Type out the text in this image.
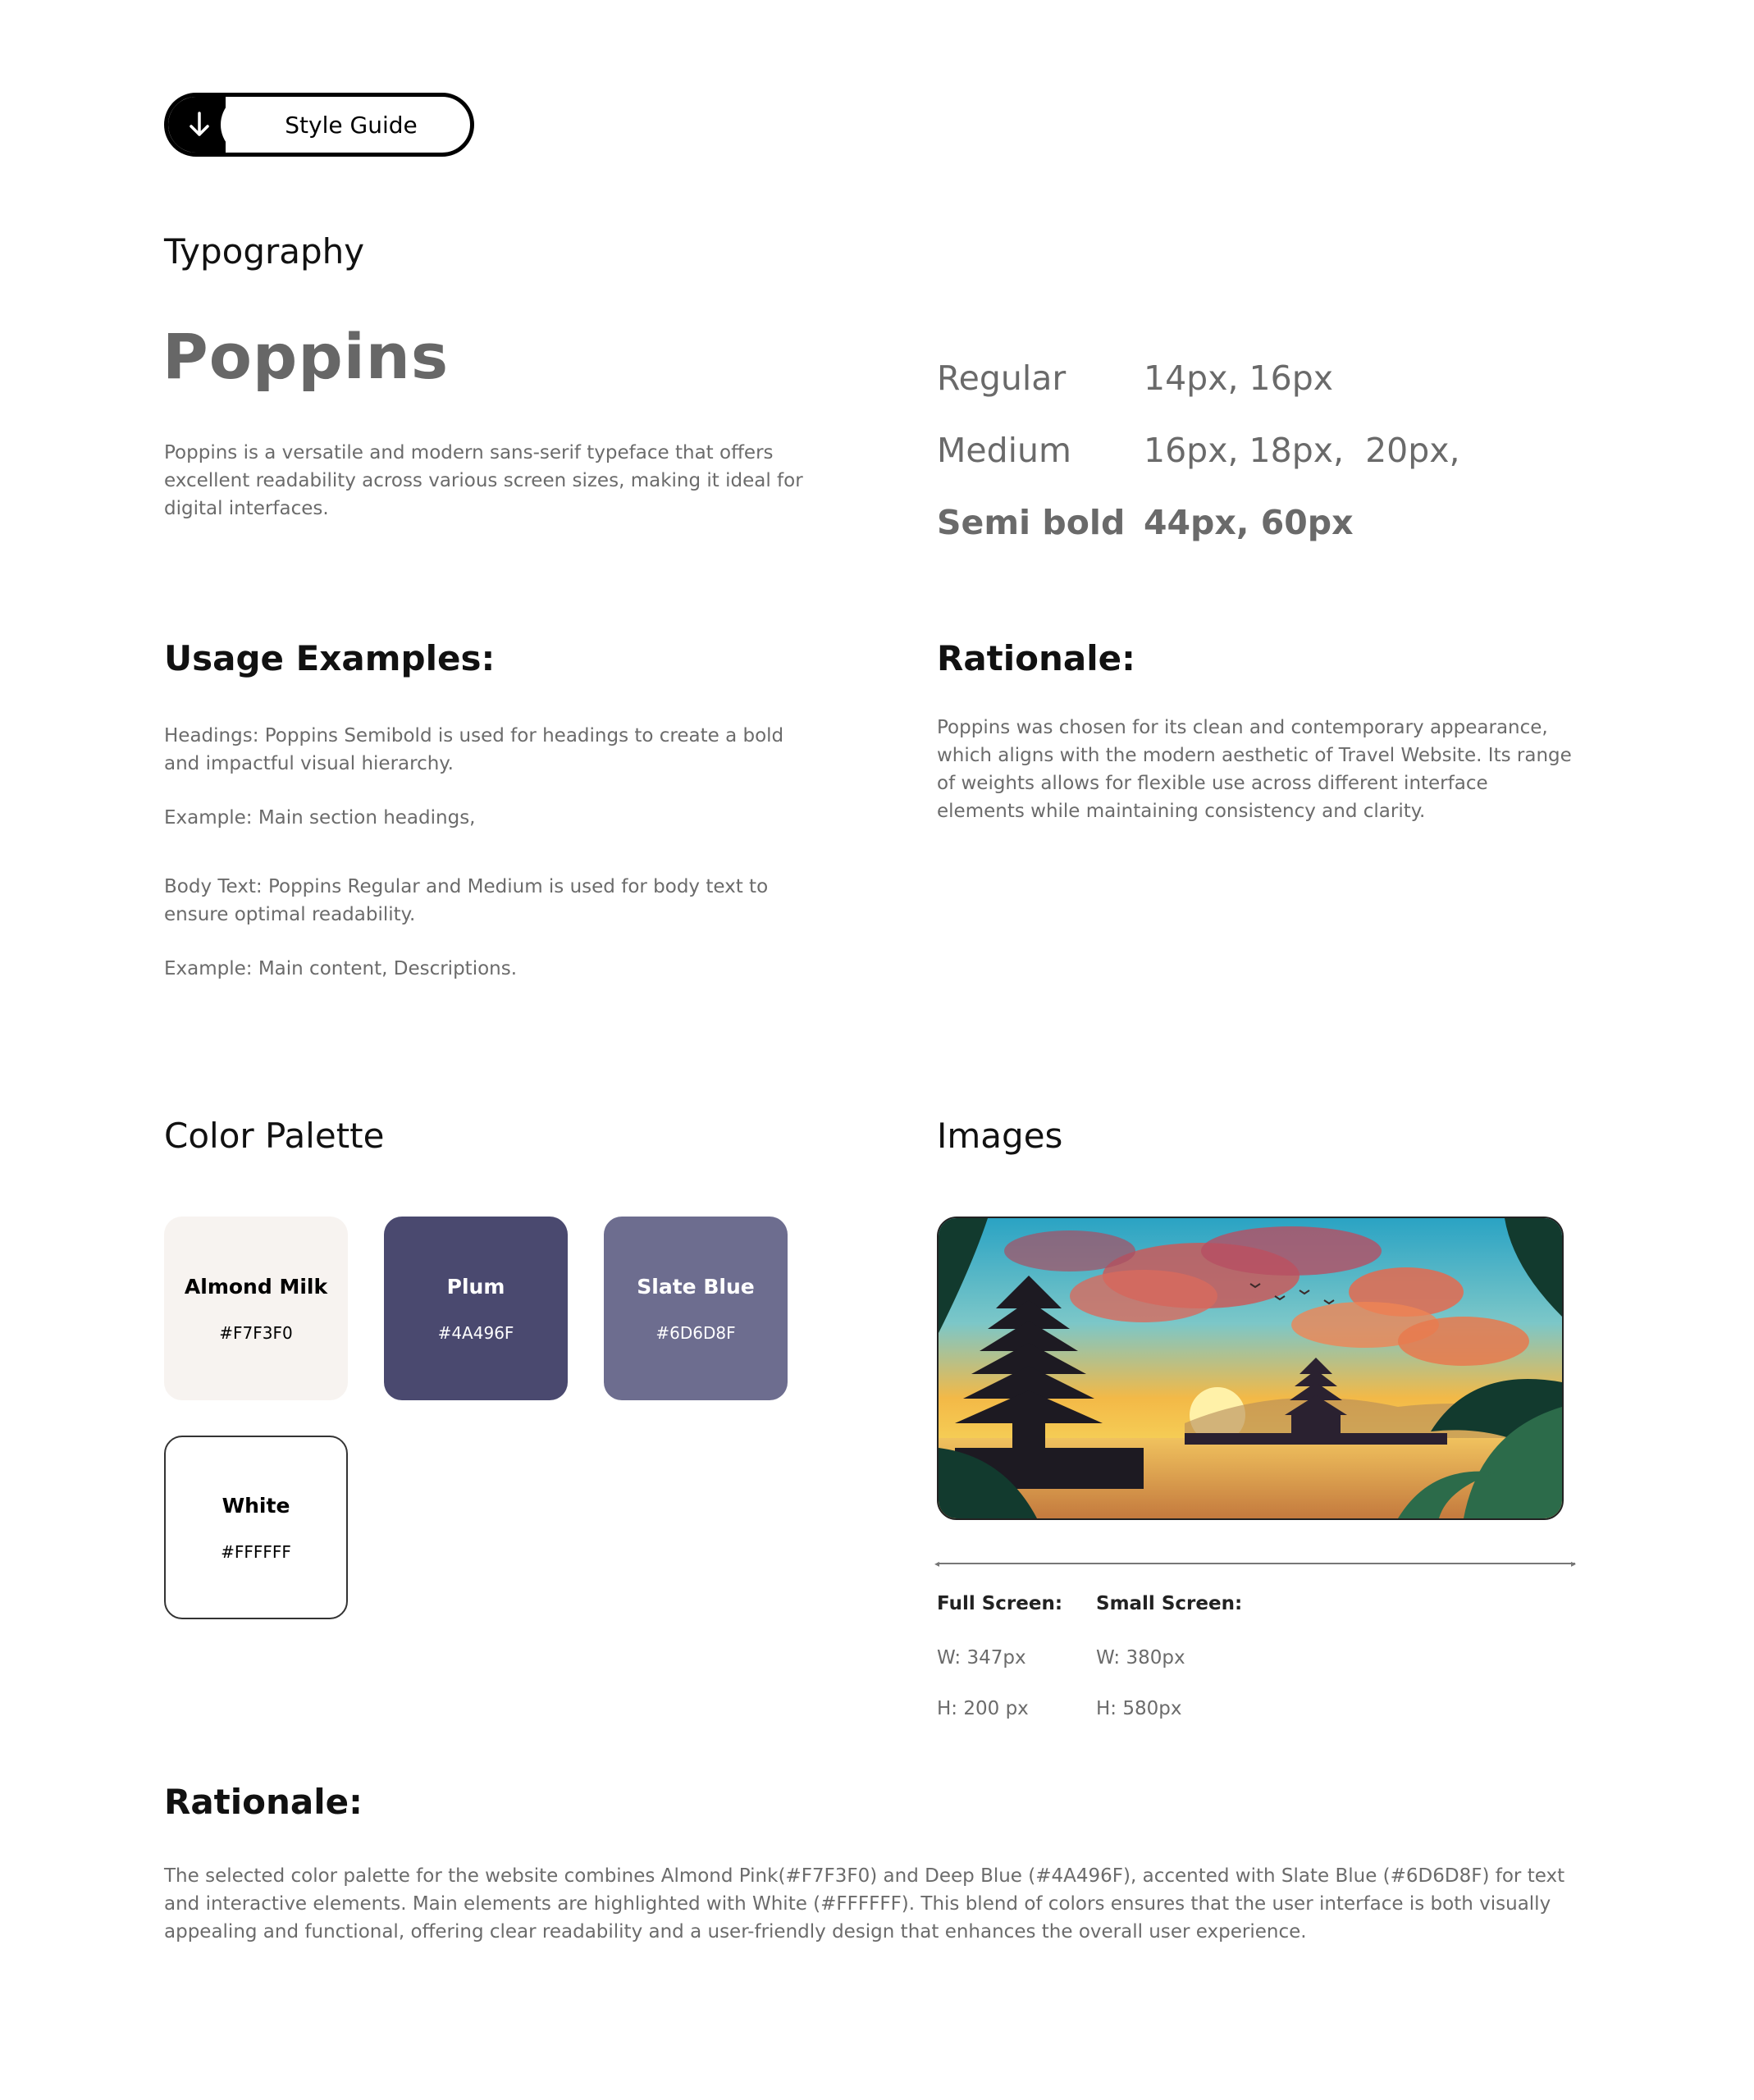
Style Guide
Typography
Poppins
Poppins is a versatile and modern sans-serif typeface that offers excellent readability across various screen sizes, making it ideal for digital interfaces.
Regular	14px, 16px
Medium	16px, 18px,  20px,
Semi bold 44px, 60px
Usage Examples:
Headings: Poppins Semibold is used for headings to create a bold and impactful visual hierarchy.
Example: Main section headings,
Body Text: Poppins Regular and Medium is used for body text to ensure optimal readability.
Example: Main content, Descriptions.
Rationale:
Poppins was chosen for its clean and contemporary appearance, which aligns with the modern aesthetic of Travel Website. Its range of weights allows for flexible use across different interface elements while maintaining consistency and clarity.
Color Palette
Almond Milk
#F7F3F0
Plum
#4A496F
Slate Blue
#6D6D8F
White
#FFFFFF
Images
◂	▸
Full Screen:
W: 347px
H: 200 px
Small Screen:
W: 380px
H: 580px
Rationale:
The selected color palette for the website combines Almond Pink(#F7F3F0) and Deep Blue (#4A496F), accented with Slate Blue (#6D6D8F) for text and interactive elements. Main elements are highlighted with White (#FFFFFF). This blend of colors ensures that the user interface is both visually appealing and functional, offering clear readability and a user-friendly design that enhances the overall user experience.
